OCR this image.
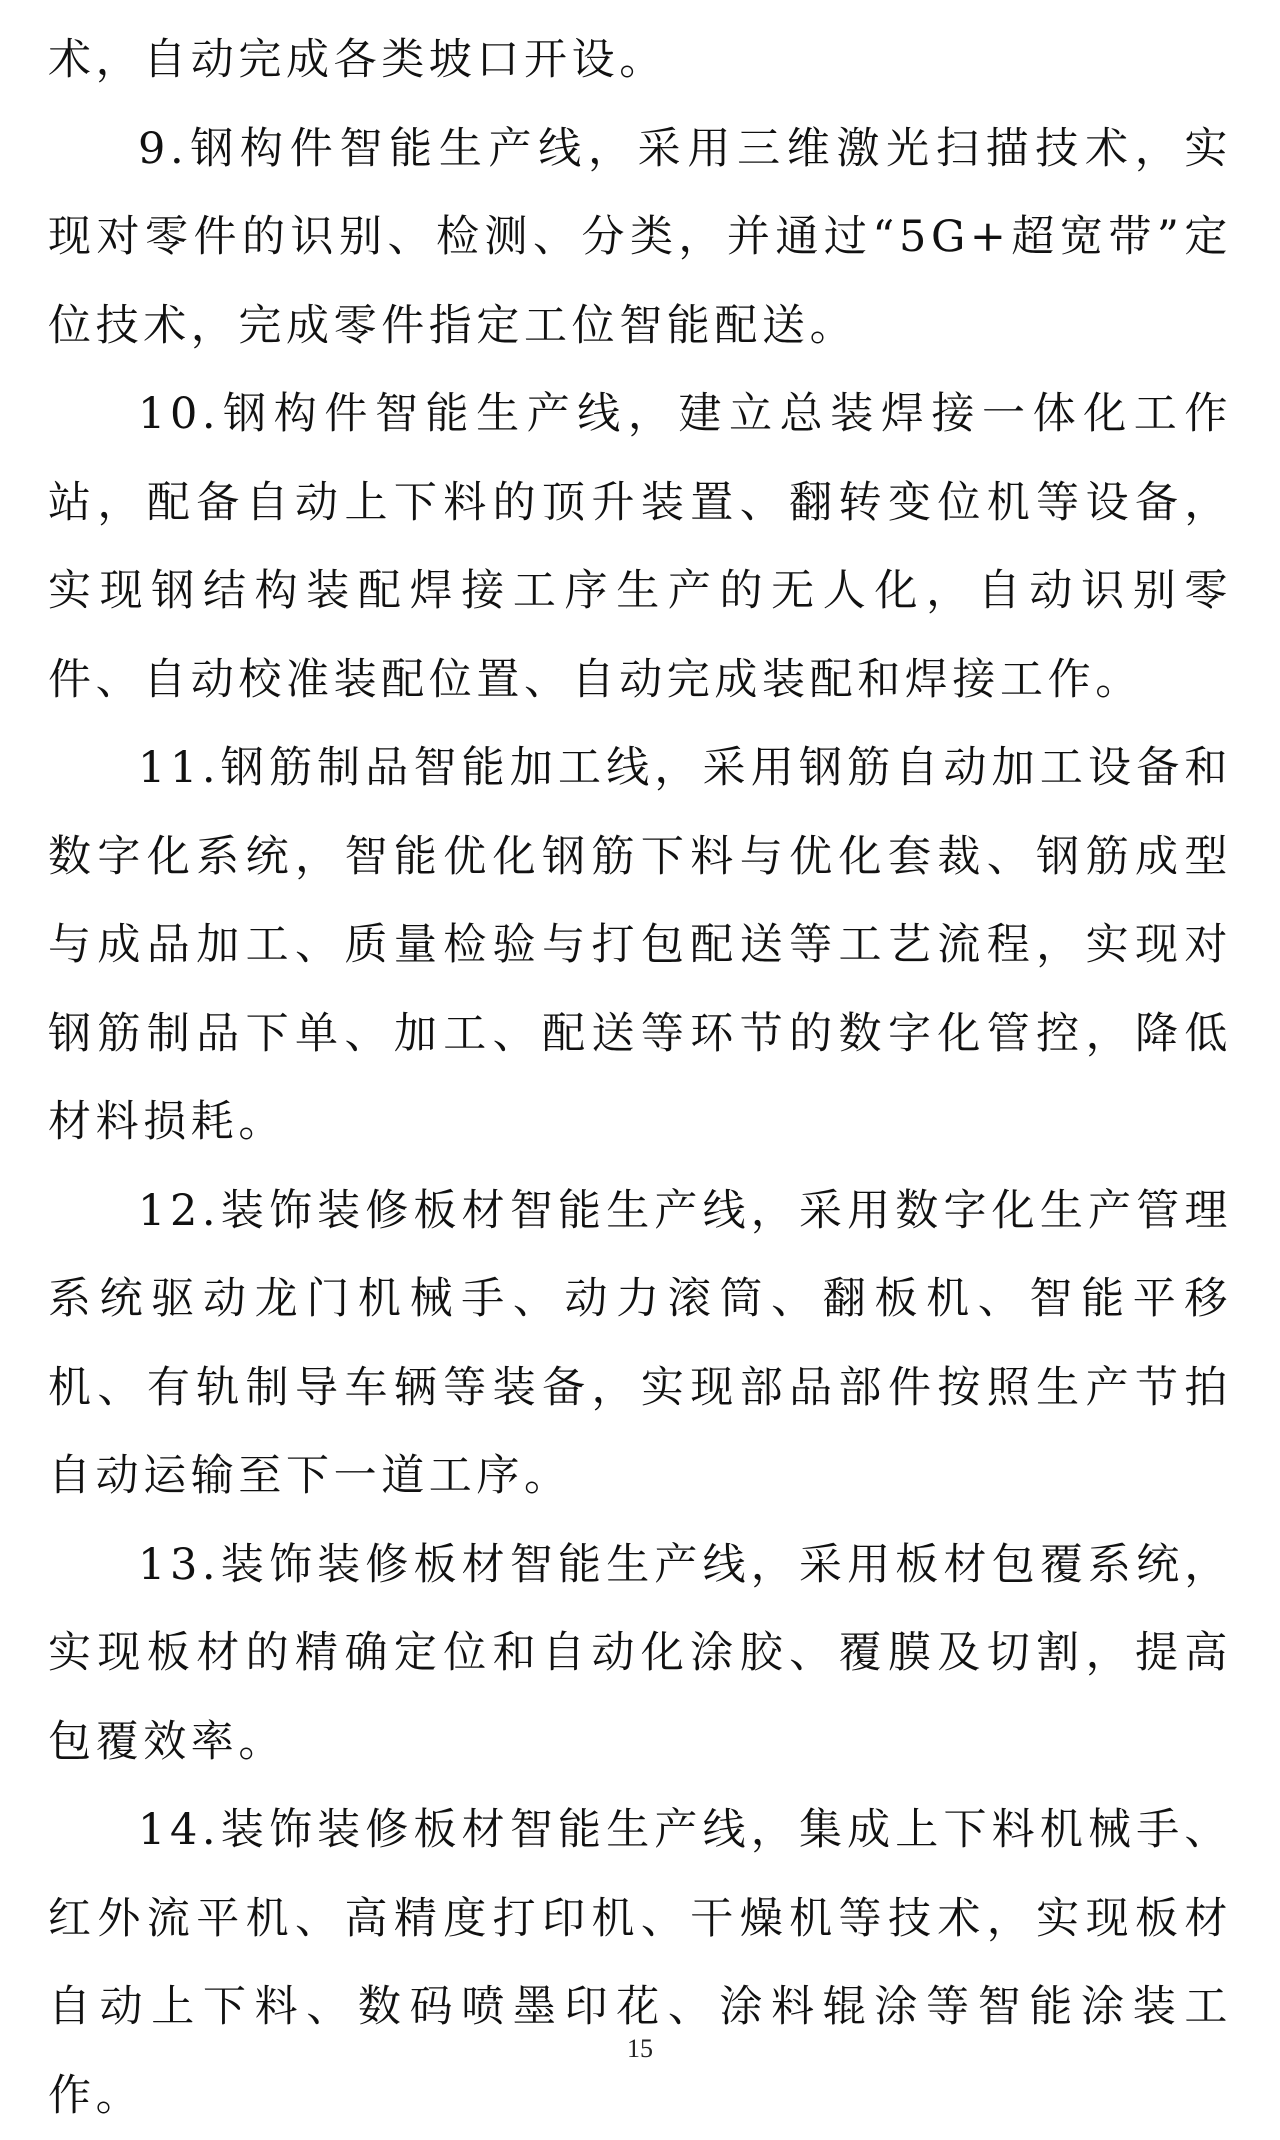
术，自动完成各类坡口开设。

9.钢构件智能生产线，采用三维激光扫描技术，实现对零件的识别、检测、分类，并通过“5G+超宽带”定位技术，完成零件指定工位智能配送。

10.钢构件智能生产线，建立总装焊接一体化工作站，配备自动上下料的顶升装置、翻转变位机等设备，实现钢结构装配焊接工序生产的无人化，自动识别零件、自动校准装配位置、自动完成装配和焊接工作。

11.钢筋制品智能加工线，采用钢筋自动加工设备和数字化系统，智能优化钢筋下料与优化套裁、钢筋成型与成品加工、质量检验与打包配送等工艺流程，实现对钢筋制品下单、加工、配送等环节的数字化管控，降低材料损耗。

12.装饰装修板材智能生产线，采用数字化生产管理系统驱动龙门机械手、动力滚筒、翻板机、智能平移机、有轨制导车辆等装备，实现部品部件按照生产节拍自动运输至下一道工序。

13.装饰装修板材智能生产线，采用板材包覆系统，实现板材的精确定位和自动化涂胶、覆膜及切割，提高包覆效率。

14.装饰装修板材智能生产线，集成上下料机械手、红外流平机、高精度打印机、干燥机等技术，实现板材自动上下料、数码喷墨印花、涂料辊涂等智能涂装工作。

15
